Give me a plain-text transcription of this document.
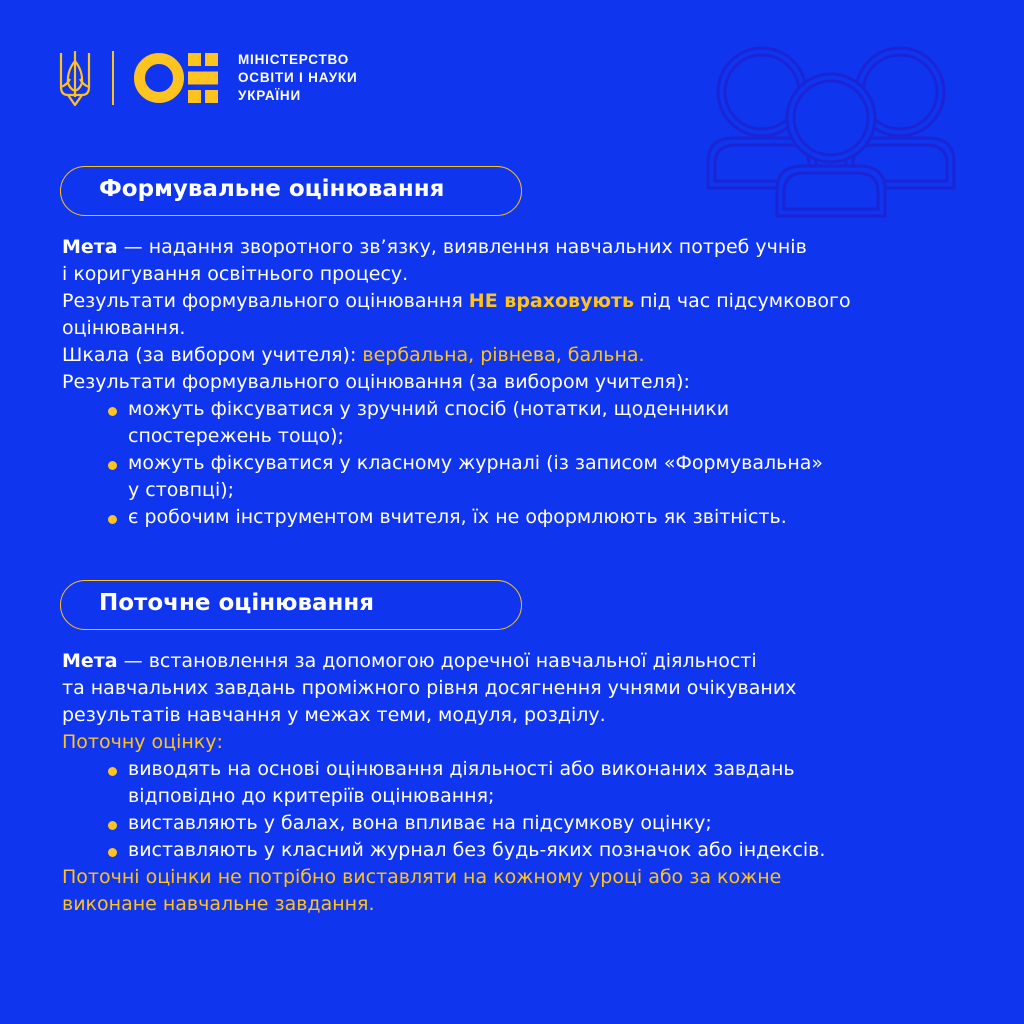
МІНІСТЕРСТВО
ОСВІТИ І НАУКИ
УКРАЇНИ
Формувальне оцінювання

Мета — надання зворотного зв’язку, виявлення навчальних потреб учнів

і коригування освітнього процесу.

Результати формувального оцінювання НЕ враховують під час підсумкового

оцінювання.

Шкала (за вибором учителя): вербальна, рівнева, бальна.

Результати формувального оцінювання (за вибором учителя):

можуть фіксуватися у зручний спосіб (нотатки, щоденники
спостережень тощо);
можуть фіксуватися у класному журналі (із записом «Формувальна»
у стовпці);
є робочим інструментом вчителя, їх не оформлюють як звітність.
Поточне оцінювання

Мета — встановлення за допомогою доречної навчальної діяльності

та навчальних завдань проміжного рівня досягнення учнями очікуваних

результатів навчання у межах теми, модуля, розділу.

Поточну оцінку:

виводять на основі оцінювання діяльності або виконаних завдань
відповідно до критеріїв оцінювання;
виставляють у балах, вона впливає на підсумкову оцінку;
виставляють у класний журнал без будь-яких позначок або індексів.

Поточні оцінки не потрібно виставляти на кожному уроці або за кожне

виконане навчальне завдання.
